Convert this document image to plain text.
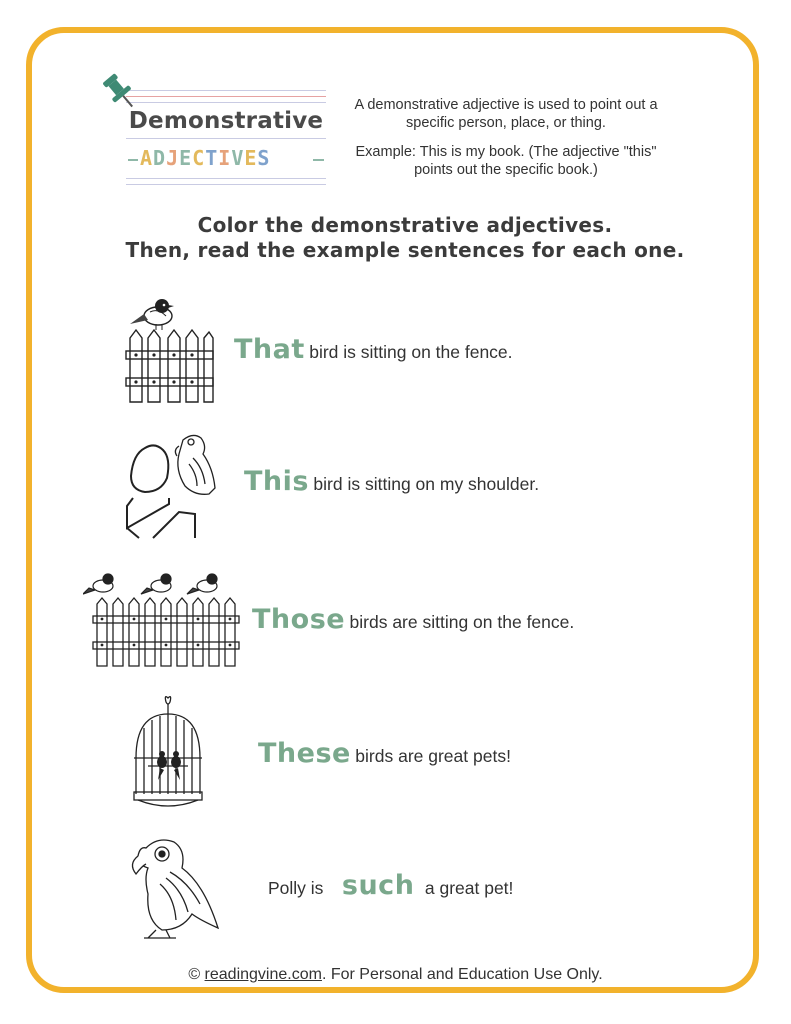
Demonstrative
ADJECTIVES

A demonstrative adjective is used to point out a specific person, place, or thing.

Example: This is my book. (The adjective "this" points out the specific book.)

Color the demonstrative adjectives.
Then, read the example sentences for each one.
That bird is sitting on the fence.
This bird is sitting on my shoulder.
Those birds are sitting on the fence.
These birds are great pets!
Polly is such a great pet!
© readingvine.com. For Personal and Education Use Only.
